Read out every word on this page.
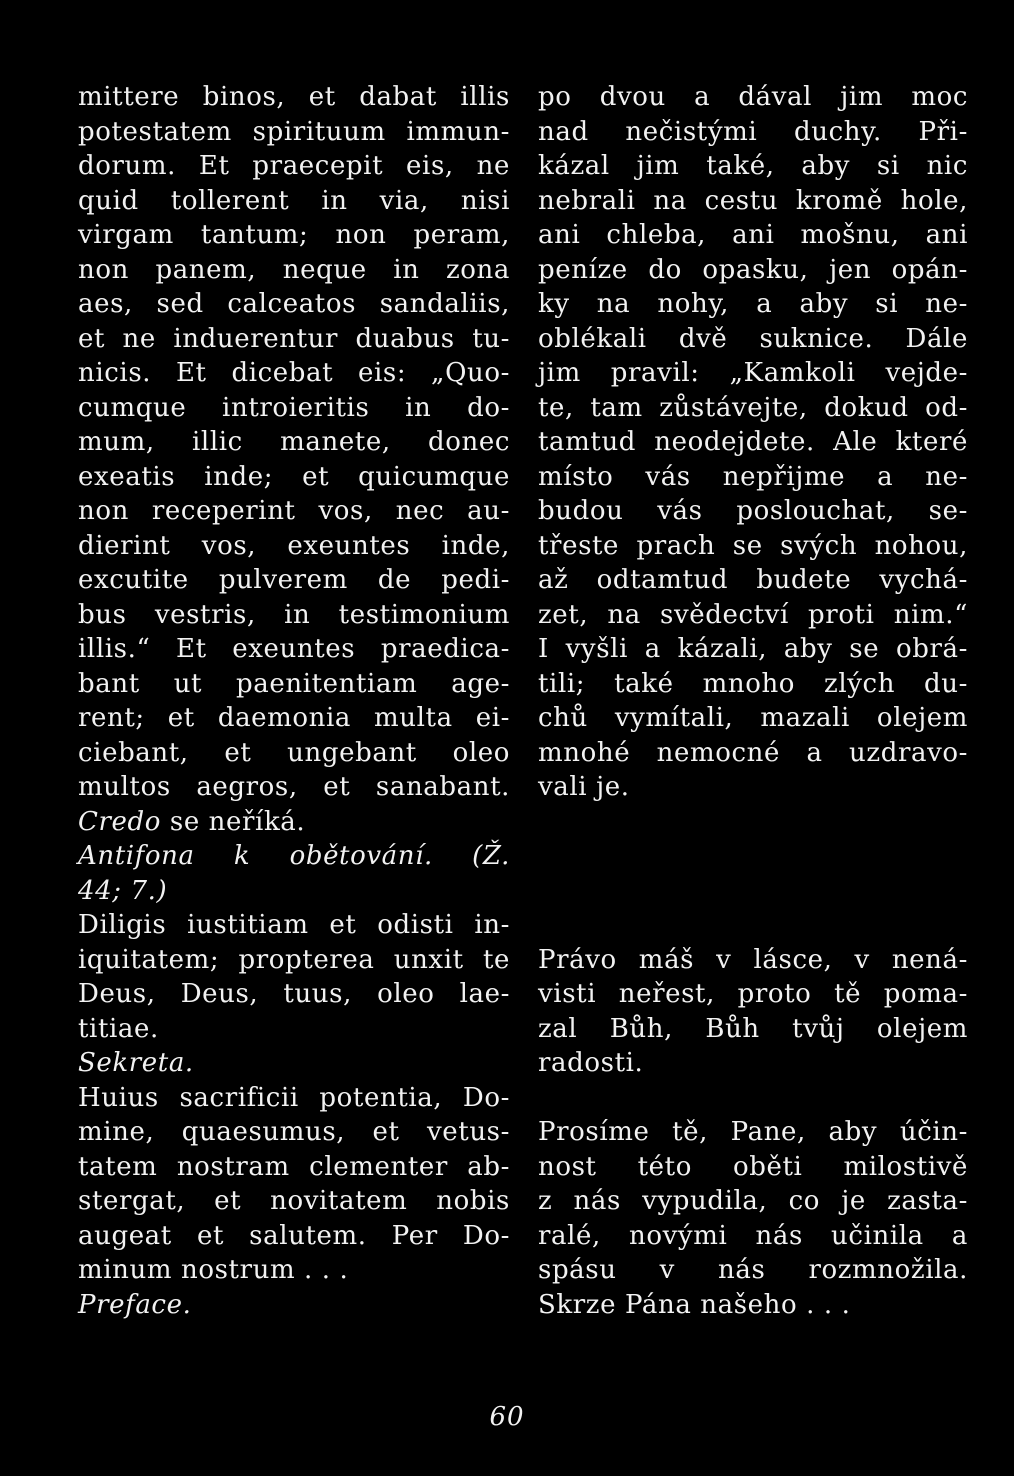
mittere binos, et dabat illis
potestatem spirituum immun-
dorum. Et praecepit eis, ne
quid tollerent in via, nisi
virgam tantum; non peram,
non panem, neque in zona
aes, sed calceatos sandaliis,
et ne induerentur duabus tu-
nicis. Et dicebat eis: „Quo-
cumque introieritis in do-
mum, illic manete, donec
exeatis inde; et quicumque
non receperint vos, nec au-
dierint vos, exeuntes inde,
excutite pulverem de pedi-
bus vestris, in testimonium
illis.“ Et exeuntes praedica-
bant ut paenitentiam age-
rent; et daemonia multa ei-
ciebant, et ungebant oleo
multos aegros, et sanabant.
Credo se neříká.
Antifona k obětování. (Ž.
44; 7.)
Diligis iustitiam et odisti in-
iquitatem; propterea unxit te
Deus, Deus, tuus, oleo lae-
titiae.
Sekreta.
Huius sacrificii potentia, Do-
mine, quaesumus, et vetus-
tatem nostram clementer ab-
stergat, et novitatem nobis
augeat et salutem. Per Do-
minum nostrum . . .
Preface.
po dvou a dával jim moc
nad nečistými duchy. Při-
kázal jim také, aby si nic
nebrali na cestu kromě hole,
ani chleba, ani mošnu, ani
peníze do opasku, jen opán-
ky na nohy, a aby si ne-
oblékali dvě suknice. Dále
jim pravil: „Kamkoli vejde-
te, tam zůstávejte, dokud od-
tamtud neodejdete. Ale které
místo vás nepřijme a ne-
budou vás poslouchat, se-
třeste prach se svých nohou,
až odtamtud budete vychá-
zet, na svědectví proti nim.“
I vyšli a kázali, aby se obrá-
tili; také mnoho zlých du-
chů vymítali, mazali olejem
mnohé nemocné a uzdravo-
vali je.
Právo máš v lásce, v nená-
visti neřest, proto tě poma-
zal Bůh, Bůh tvůj olejem
radosti.
Prosíme tě, Pane, aby účin-
nost této oběti milostivě
z nás vypudila, co je zasta-
ralé, novými nás učinila a
spásu v nás rozmnožila.
Skrze Pána našeho . . .
60
